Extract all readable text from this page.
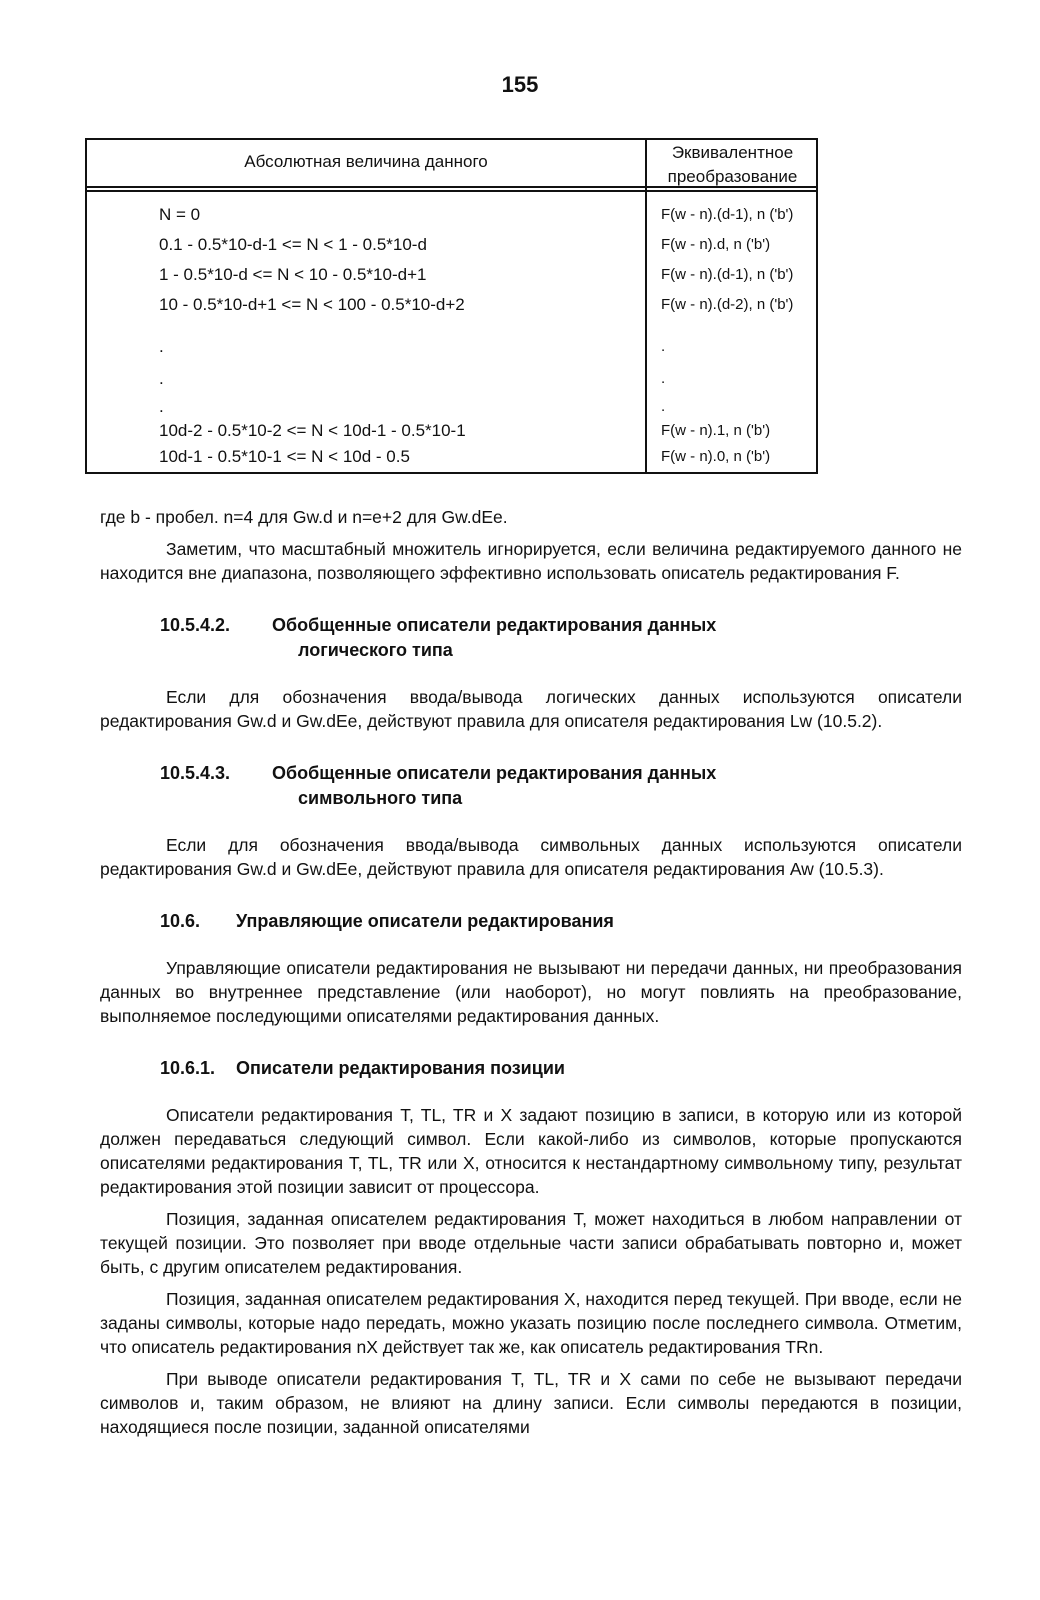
155
Абсолютная величина данного	Эквивалентное преобразование
N = 0	F(w - n).(d-1), n ('b')
0.1 - 0.5*10-d-1 <= N < 1 - 0.5*10-d	F(w - n).d, n ('b')
1 - 0.5*10-d <= N < 10 - 0.5*10-d+1	F(w - n).(d-1), n ('b')
10 - 0.5*10-d+1 <= N < 100 - 0.5*10-d+2	F(w - n).(d-2), n ('b')
.	.
.	.
.	.
10d-2 - 0.5*10-2 <= N < 10d-1 - 0.5*10-1	F(w - n).1, n ('b')
10d-1 - 0.5*10-1 <= N < 10d - 0.5	F(w - n).0, n ('b')

где b - пробел. n=4 для Gw.d и n=e+2 для Gw.dEe.

Заметим, что масштабный множитель игнорируется, если величина редактируемого данного не находится вне диапазона, позволяющего эффективно использовать описатель редактирования F.

10.5.4.2.	Обобщенные описатели редактирования данных
логического типа

Если для обозначения ввода/вывода логических данных используются описатели редактирования Gw.d и Gw.dEe, действуют правила для описателя редактирования Lw (10.5.2).

10.5.4.3.	Обобщенные описатели редактирования данных
символьного типа

Если для обозначения ввода/вывода символьных данных используются описатели редактирования Gw.d и Gw.dEe, действуют правила для описателя редактирования Aw (10.5.3).

10.6.	Управляющие описатели редактирования

Управляющие описатели редактирования не вызывают ни передачи данных, ни преобразования данных во внутреннее представление (или наоборот), но могут повлиять на преобразование, выполняемое последующими описателями редактирования данных.

10.6.1.	Описатели редактирования позиции

Описатели редактирования T, TL, TR и X задают позицию в записи, в которую или из которой должен передаваться следующий символ. Если какой-либо из символов, которые пропускаются описателями редактирования T, TL, TR или X, относится к нестандартному символьному типу, результат редактирования этой позиции зависит от процессора.

Позиция, заданная описателем редактирования T, может находиться в любом направлении от текущей позиции. Это позволяет при вводе отдельные части записи обрабатывать повторно и, может быть, с другим описателем редактирования.

Позиция, заданная описателем редактирования X, находится перед текущей. При вводе, если не заданы символы, которые надо передать, можно указать позицию после последнего символа. Отметим, что описатель редактирования nX действует так же, как описатель редактирования TRn.

При выводе описатели редактирования T, TL, TR и X сами по себе не вызывают передачи символов и, таким образом, не влияют на длину записи. Если символы передаются в позиции, находящиеся после позиции, заданной описателями
